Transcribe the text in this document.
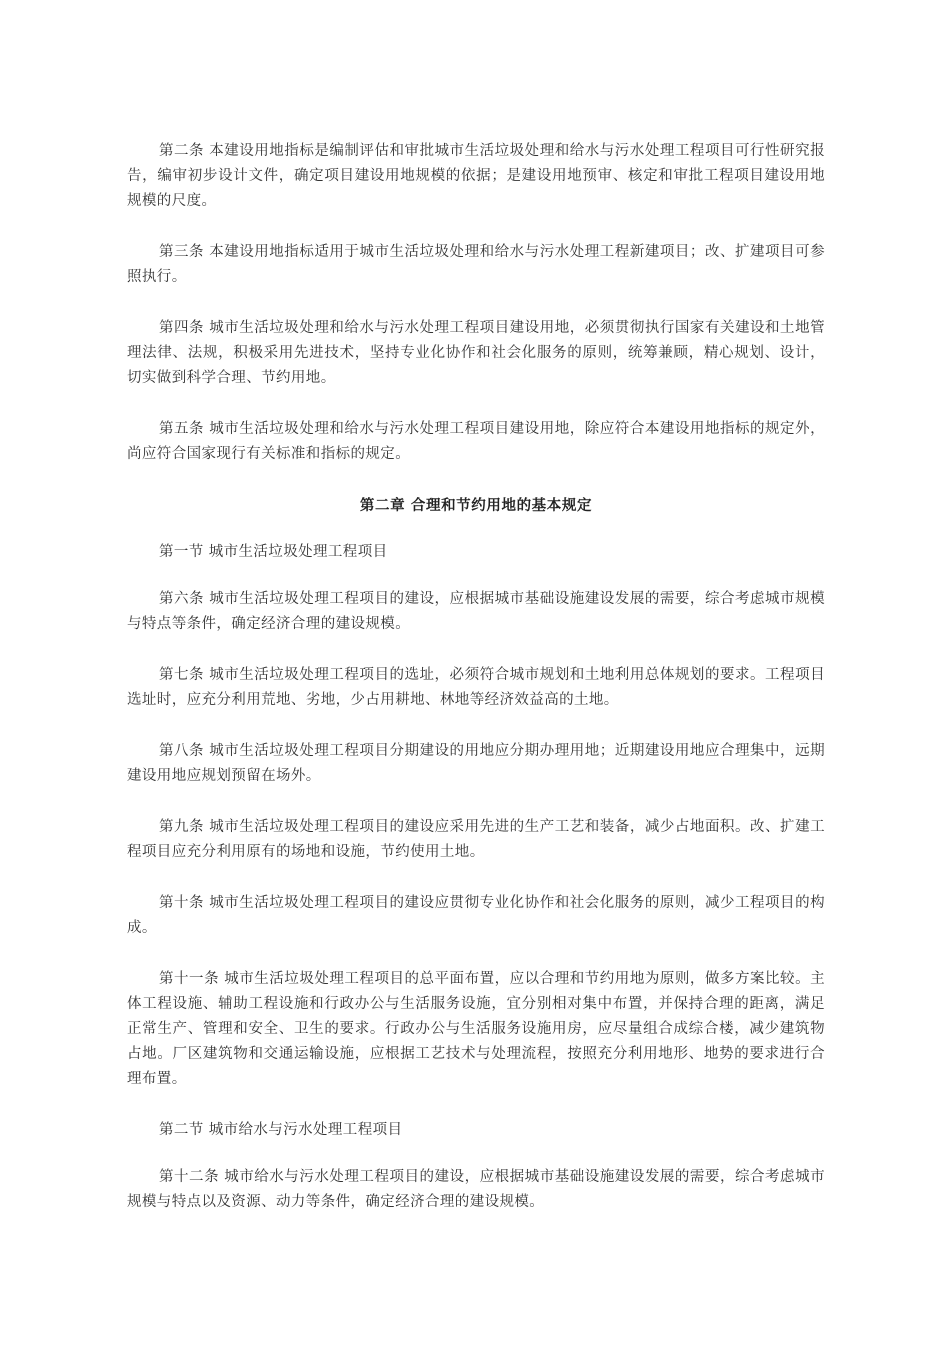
第二条 本建设用地指标是编制评估和审批城市生活垃圾处理和给水与污水处理工程项目可行性研究报告，编审初步设计文件，确定项目建设用地规模的依据；是建设用地预审、核定和审批工程项目建设用地规模的尺度。

第三条 本建设用地指标适用于城市生活垃圾处理和给水与污水处理工程新建项目；改、扩建项目可参照执行。

第四条 城市生活垃圾处理和给水与污水处理工程项目建设用地，必须贯彻执行国家有关建设和土地管理法律、法规，积极采用先进技术，坚持专业化协作和社会化服务的原则，统筹兼顾，精心规划、设计，切实做到科学合理、节约用地。

第五条 城市生活垃圾处理和给水与污水处理工程项目建设用地，除应符合本建设用地指标的规定外，尚应符合国家现行有关标准和指标的规定。

第二章 合理和节约用地的基本规定

第一节 城市生活垃圾处理工程项目

第六条 城市生活垃圾处理工程项目的建设，应根据城市基础设施建设发展的需要，综合考虑城市规模与特点等条件，确定经济合理的建设规模。

第七条 城市生活垃圾处理工程项目的选址，必须符合城市规划和土地利用总体规划的要求。工程项目选址时，应充分利用荒地、劣地，少占用耕地、林地等经济效益高的土地。

第八条 城市生活垃圾处理工程项目分期建设的用地应分期办理用地；近期建设用地应合理集中，远期建设用地应规划预留在场外。

第九条 城市生活垃圾处理工程项目的建设应采用先进的生产工艺和装备，减少占地面积。改、扩建工程项目应充分利用原有的场地和设施，节约使用土地。

第十条 城市生活垃圾处理工程项目的建设应贯彻专业化协作和社会化服务的原则，减少工程项目的构成。

第十一条 城市生活垃圾处理工程项目的总平面布置，应以合理和节约用地为原则，做多方案比较。主体工程设施、辅助工程设施和行政办公与生活服务设施，宜分别相对集中布置，并保持合理的距离，满足正常生产、管理和安全、卫生的要求。行政办公与生活服务设施用房，应尽量组合成综合楼，减少建筑物占地。厂区建筑物和交通运输设施，应根据工艺技术与处理流程，按照充分利用地形、地势的要求进行合理布置。

第二节 城市给水与污水处理工程项目

第十二条 城市给水与污水处理工程项目的建设，应根据城市基础设施建设发展的需要，综合考虑城市规模与特点以及资源、动力等条件，确定经济合理的建设规模。
